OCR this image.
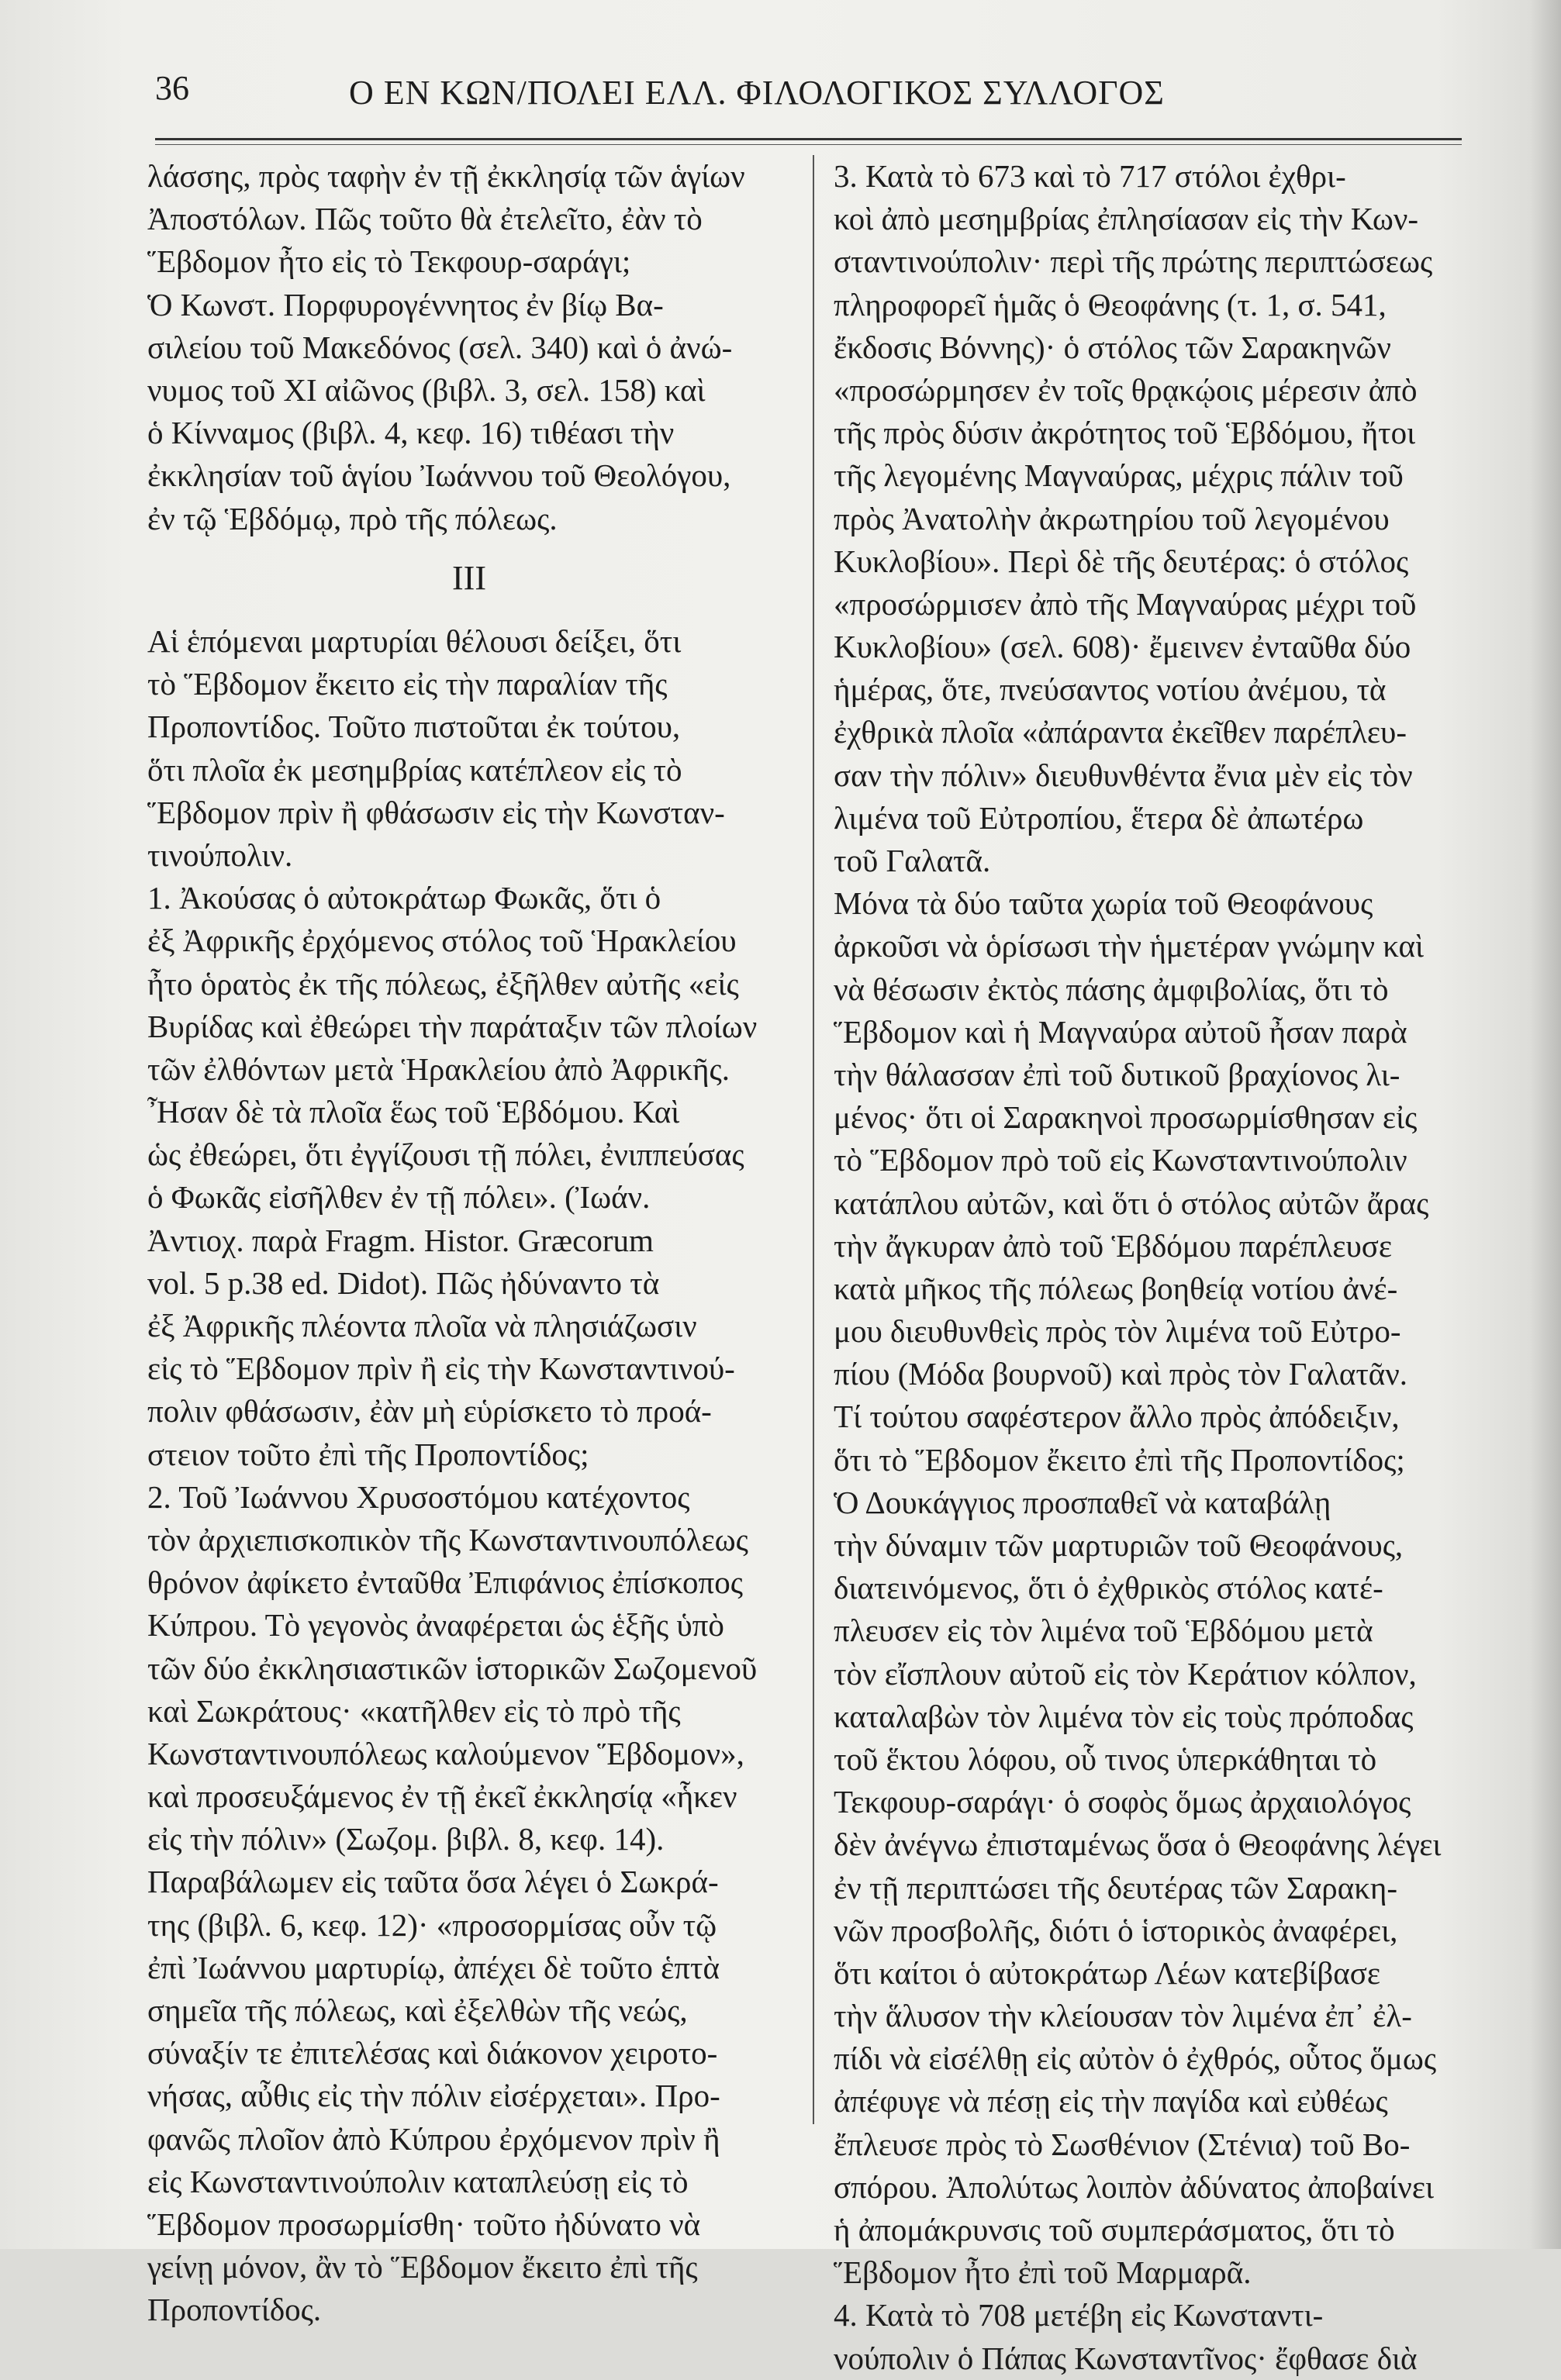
36	Ο ΕΝ ΚΩΝ/ΠΟΛΕΙ ΕΛΛ. ΦΙΛΟΛΟΓΙΚΟΣ ΣΥΛΛΟΓΟΣ
λάσσης, πρὸς ταφὴν ἐν τῇ ἐκκλησίᾳ τῶν ἁγίων
Ἀποστόλων. Πῶς τοῦτο θὰ ἐτελεῖτο, ἐὰν τὸ
Ἕβδομον ἦτο εἰς τὸ Τεκφουρ-σαράγι;
Ὁ Κωνστ. Πορφυρογέννητος ἐν βίῳ Βα-
σιλείου τοῦ Μακεδόνος (σελ. 340) καὶ ὁ ἀνώ-
νυμος τοῦ XI αἰῶνος (βιβλ. 3, σελ. 158) καὶ
ὁ Κίνναμος (βιβλ. 4, κεφ. 16) τιθέασι τὴν
ἐκκλησίαν τοῦ ἁγίου Ἰωάννου τοῦ Θεολόγου,
ἐν τῷ Ἑβδόμῳ, πρὸ τῆς πόλεως.
III
Αἱ ἑπόμεναι μαρτυρίαι θέλουσι δείξει, ὅτι
τὸ Ἕβδομον ἔκειτο εἰς τὴν παραλίαν τῆς
Προποντίδος. Τοῦτο πιστοῦται ἐκ τούτου,
ὅτι πλοῖα ἐκ μεσημβρίας κατέπλεον εἰς τὸ
Ἕβδομον πρὶν ἢ φθάσωσιν εἰς τὴν Κωνσταν-
τινούπολιν.
1. Ἀκούσας ὁ αὐτοκράτωρ Φωκᾶς, ὅτι ὁ
ἐξ Ἀφρικῆς ἐρχόμενος στόλος τοῦ Ἡρακλείου
ἦτο ὁρατὸς ἐκ τῆς πόλεως, ἐξῆλθεν αὐτῆς «εἰς
Βυρίδας καὶ ἐθεώρει τὴν παράταξιν τῶν πλοίων
τῶν ἐλθόντων μετὰ Ἡρακλείου ἀπὸ Ἀφρικῆς.
Ἦσαν δὲ τὰ πλοῖα ἕως τοῦ Ἑβδόμου. Καὶ
ὡς ἐθεώρει, ὅτι ἐγγίζουσι τῇ πόλει, ἐνιππεύσας
ὁ Φωκᾶς εἰσῆλθεν ἐν τῇ πόλει». (Ἰωάν.
Ἀντιοχ. παρὰ Fragm. Histor. Græcorum
vol. 5 p.38 ed. Didot). Πῶς ἠδύναντο τὰ
ἐξ Ἀφρικῆς πλέοντα πλοῖα νὰ πλησιάζωσιν
εἰς τὸ Ἕβδομον πρὶν ἢ εἰς τὴν Κωνσταντινού-
πολιν φθάσωσιν, ἐὰν μὴ εὑρίσκετο τὸ προά-
στειον τοῦτο ἐπὶ τῆς Προποντίδος;
2. Τοῦ Ἰωάννου Χρυσοστόμου κατέχοντος
τὸν ἀρχιεπισκοπικὸν τῆς Κωνσταντινουπόλεως
θρόνον ἀφίκετο ἐνταῦθα Ἐπιφάνιος ἐπίσκοπος
Κύπρου. Τὸ γεγονὸς ἀναφέρεται ὡς ἑξῆς ὑπὸ
τῶν δύο ἐκκλησιαστικῶν ἱστορικῶν Σωζομενοῦ
καὶ Σωκράτους· «κατῆλθεν εἰς τὸ πρὸ τῆς
Κωνσταντινουπόλεως καλούμενον Ἕβδομον»,
καὶ προσευξάμενος ἐν τῇ ἐκεῖ ἐκκλησίᾳ «ἧκεν
εἰς τὴν πόλιν» (Σωζομ. βιβλ. 8, κεφ. 14).
Παραβάλωμεν εἰς ταῦτα ὅσα λέγει ὁ Σωκρά-
της (βιβλ. 6, κεφ. 12)· «προσορμίσας οὖν τῷ
ἐπὶ Ἰωάννου μαρτυρίῳ, ἀπέχει δὲ τοῦτο ἑπτὰ
σημεῖα τῆς πόλεως, καὶ ἐξελθὼν τῆς νεώς,
σύναξίν τε ἐπιτελέσας καὶ διάκονον χειροτο-
νήσας, αὖθις εἰς τὴν πόλιν εἰσέρχεται». Προ-
φανῶς πλοῖον ἀπὸ Κύπρου ἐρχόμενον πρὶν ἢ
εἰς Κωνσταντινούπολιν καταπλεύσῃ εἰς τὸ
Ἕβδομον προσωρμίσθη· τοῦτο ἠδύνατο νὰ
γείνῃ μόνον, ἂν τὸ Ἕβδομον ἔκειτο ἐπὶ τῆς
Προποντίδος.
3. Κατὰ τὸ 673 καὶ τὸ 717 στόλοι ἐχθρι-
κοὶ ἀπὸ μεσημβρίας ἐπλησίασαν εἰς τὴν Κων-
σταντινούπολιν· περὶ τῆς πρώτης περιπτώσεως
πληροφορεῖ ἡμᾶς ὁ Θεοφάνης (τ. 1, σ. 541,
ἔκδοσις Βόννης)· ὁ στόλος τῶν Σαρακηνῶν
«προσώρμησεν ἐν τοῖς θρᾳκῴοις μέρεσιν ἀπὸ
τῆς πρὸς δύσιν ἀκρότητος τοῦ Ἑβδόμου, ἤτοι
τῆς λεγομένης Μαγναύρας, μέχρις πάλιν τοῦ
πρὸς Ἀνατολὴν ἀκρωτηρίου τοῦ λεγομένου
Κυκλοβίου». Περὶ δὲ τῆς δευτέρας: ὁ στόλος
«προσώρμισεν ἀπὸ τῆς Μαγναύρας μέχρι τοῦ
Κυκλοβίου» (σελ. 608)· ἔμεινεν ἐνταῦθα δύο
ἡμέρας, ὅτε, πνεύσαντος νοτίου ἀνέμου, τὰ
ἐχθρικὰ πλοῖα «ἀπάραντα ἐκεῖθεν παρέπλευ-
σαν τὴν πόλιν» διευθυνθέντα ἔνια μὲν εἰς τὸν
λιμένα τοῦ Εὐτροπίου, ἕτερα δὲ ἀπωτέρω
τοῦ Γαλατᾶ.
Μόνα τὰ δύο ταῦτα χωρία τοῦ Θεοφάνους
ἀρκοῦσι νὰ ὁρίσωσι τὴν ἡμετέραν γνώμην καὶ
νὰ θέσωσιν ἐκτὸς πάσης ἀμφιβολίας, ὅτι τὸ
Ἕβδομον καὶ ἡ Μαγναύρα αὐτοῦ ἦσαν παρὰ
τὴν θάλασσαν ἐπὶ τοῦ δυτικοῦ βραχίονος λι-
μένος· ὅτι οἱ Σαρακηνοὶ προσωρμίσθησαν εἰς
τὸ Ἕβδομον πρὸ τοῦ εἰς Κωνσταντινούπολιν
κατάπλου αὐτῶν, καὶ ὅτι ὁ στόλος αὐτῶν ἄρας
τὴν ἄγκυραν ἀπὸ τοῦ Ἑβδόμου παρέπλευσε
κατὰ μῆκος τῆς πόλεως βοηθείᾳ νοτίου ἀνέ-
μου διευθυνθεὶς πρὸς τὸν λιμένα τοῦ Εὐτρο-
πίου (Μόδα βουρνοῦ) καὶ πρὸς τὸν Γαλατᾶν.
Τί τούτου σαφέστερον ἄλλο πρὸς ἀπόδειξιν,
ὅτι τὸ Ἕβδομον ἔκειτο ἐπὶ τῆς Προποντίδος;
Ὁ Δουκάγγιος προσπαθεῖ νὰ καταβάλῃ
τὴν δύναμιν τῶν μαρτυριῶν τοῦ Θεοφάνους,
διατεινόμενος, ὅτι ὁ ἐχθρικὸς στόλος κατέ-
πλευσεν εἰς τὸν λιμένα τοῦ Ἑβδόμου μετὰ
τὸν εἴσπλουν αὐτοῦ εἰς τὸν Κεράτιον κόλπον,
καταλαβὼν τὸν λιμένα τὸν εἰς τοὺς πρόποδας
τοῦ ἕκτου λόφου, οὗ τινος ὑπερκάθηται τὸ
Τεκφουρ-σαράγι· ὁ σοφὸς ὅμως ἀρχαιολόγος
δὲν ἀνέγνω ἐπισταμένως ὅσα ὁ Θεοφάνης λέγει
ἐν τῇ περιπτώσει τῆς δευτέρας τῶν Σαρακη-
νῶν προσβολῆς, διότι ὁ ἱστορικὸς ἀναφέρει,
ὅτι καίτοι ὁ αὐτοκράτωρ Λέων κατεβίβασε
τὴν ἅλυσον τὴν κλείουσαν τὸν λιμένα ἐπ᾽ ἐλ-
πίδι νὰ εἰσέλθῃ εἰς αὐτὸν ὁ ἐχθρός, οὗτος ὅμως
ἀπέφυγε νὰ πέσῃ εἰς τὴν παγίδα καὶ εὐθέως
ἔπλευσε πρὸς τὸ Σωσθένιον (Στένια) τοῦ Βο-
σπόρου. Ἀπολύτως λοιπὸν ἀδύνατος ἀποβαίνει
ἡ ἀπομάκρυνσις τοῦ συμπεράσματος, ὅτι τὸ
Ἕβδομον ἦτο ἐπὶ τοῦ Μαρμαρᾶ.
4. Κατὰ τὸ 708 μετέβη εἰς Κωνσταντι-
νούπολιν ὁ Πάπας Κωνσταντῖνος· ἔφθασε διὰ
